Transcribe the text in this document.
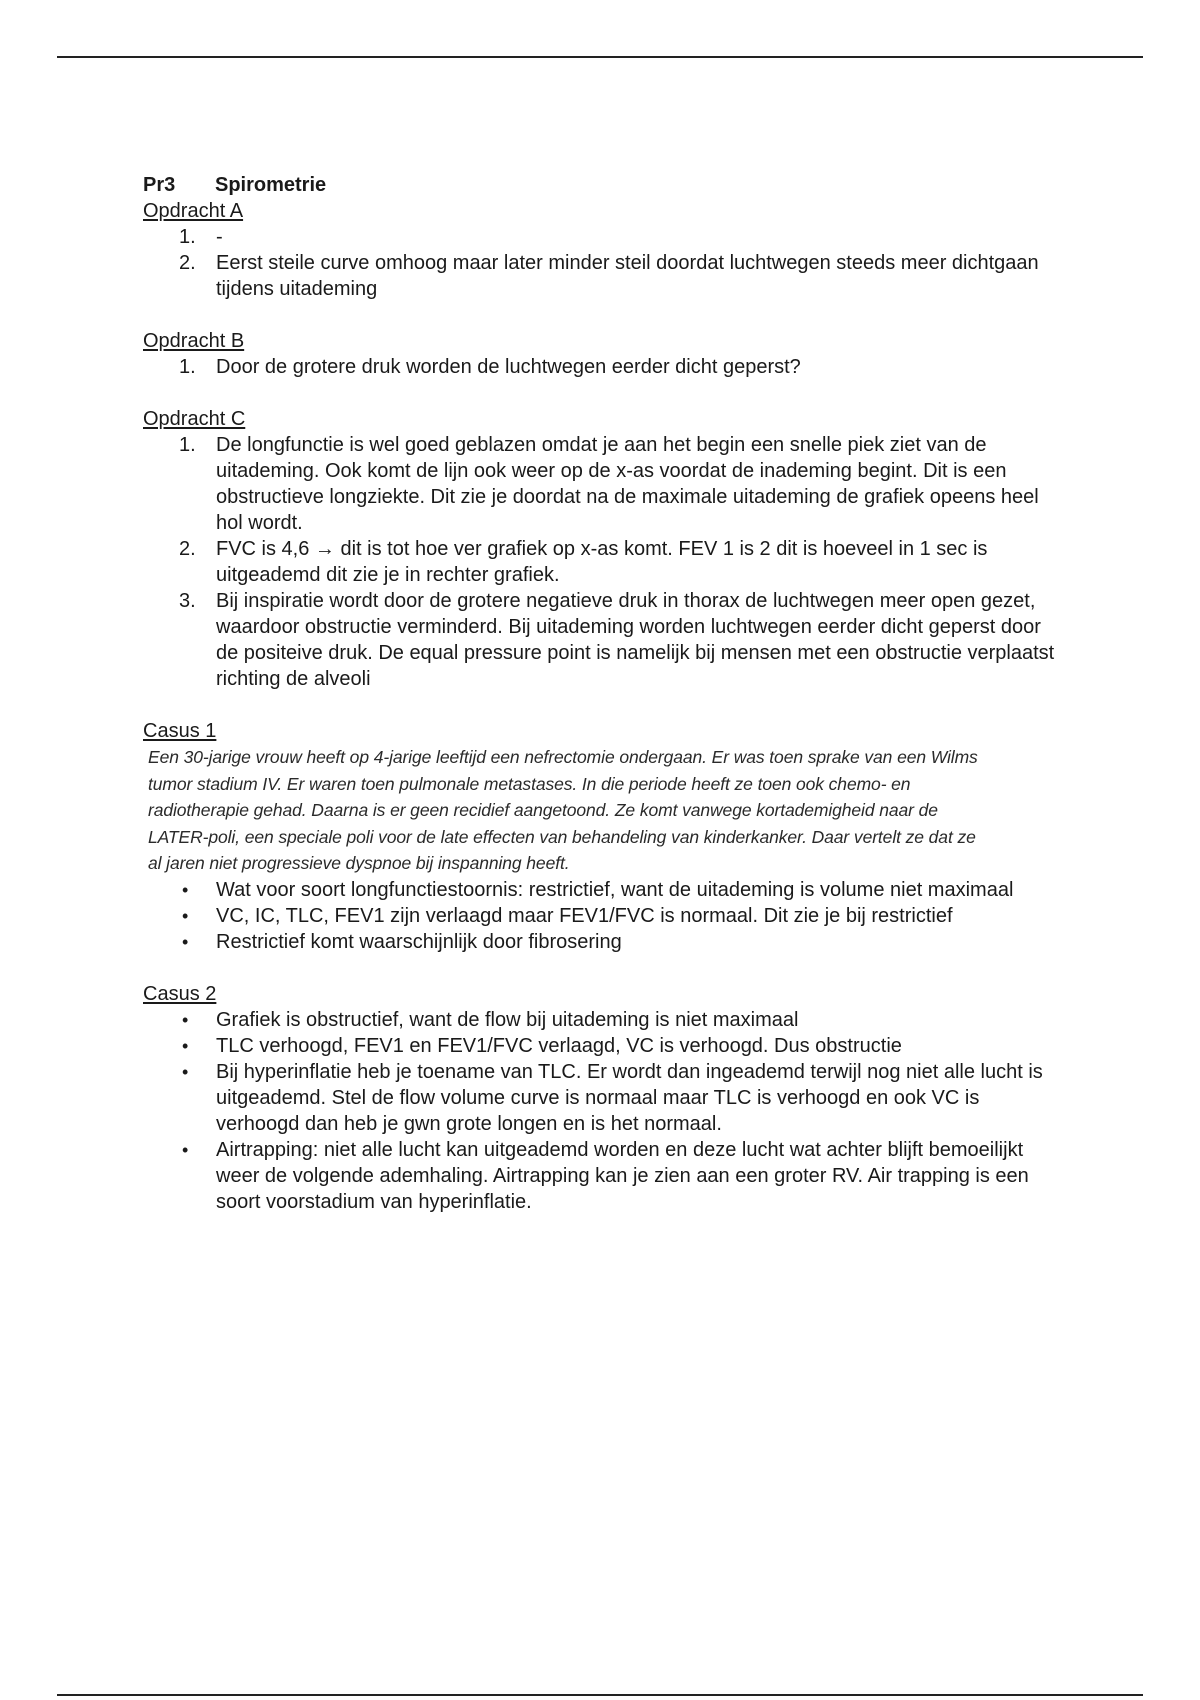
Pr3 Spirometrie
Opdracht A
1.	-
2.	Eerst steile curve omhoog maar later minder steil doordat luchtwegen steeds meer dichtgaan tijdens uitademing
Opdracht B
1.	Door de grotere druk worden de luchtwegen eerder dicht geperst?
Opdracht C
1.	De longfunctie is wel goed geblazen omdat je aan het begin een snelle piek ziet van de uitademing. Ook komt de lijn ook weer op de x-as voordat de inademing begint. Dit is een obstructieve longziekte. Dit zie je doordat na de maximale uitademing de grafiek opeens heel hol wordt.
2.	FVC is 4,6 → dit is tot hoe ver grafiek op x-as komt. FEV 1 is 2 dit is hoeveel in 1 sec is uitgeademd dit zie je in rechter grafiek.
3.	Bij inspiratie wordt door de grotere negatieve druk in thorax de luchtwegen meer open gezet, waardoor obstructie verminderd. Bij uitademing worden luchtwegen eerder dicht geperst door de positeive druk. De equal pressure point is namelijk bij mensen met een obstructie verplaatst richting de alveoli
Casus 1
Een 30-jarige vrouw heeft op 4-jarige leeftijd een nefrectomie ondergaan. Er was toen sprake van een Wilms tumor stadium IV. Er waren toen pulmonale metastases. In die periode heeft ze toen ook chemo- en radiotherapie gehad. Daarna is er geen recidief aangetoond. Ze komt vanwege kortademigheid naar de LATER-poli, een speciale poli voor de late effecten van behandeling van kinderkanker. Daar vertelt ze dat ze al jaren niet progressieve dyspnoe bij inspanning heeft.
•	Wat voor soort longfunctiestoornis: restrictief, want de uitademing is volume niet maximaal
•	VC, IC, TLC, FEV1 zijn verlaagd maar FEV1/FVC is normaal. Dit zie je bij restrictief
•	Restrictief komt waarschijnlijk door fibrosering
Casus 2
•	Grafiek is obstructief, want de flow bij uitademing is niet maximaal
•	TLC verhoogd, FEV1 en FEV1/FVC verlaagd, VC is verhoogd. Dus obstructie
•	Bij hyperinflatie heb je toename van TLC. Er wordt dan ingeademd terwijl nog niet alle lucht is uitgeademd. Stel de flow volume curve is normaal maar TLC is verhoogd en ook VC is verhoogd dan heb je gwn grote longen en is het normaal.
•	Airtrapping: niet alle lucht kan uitgeademd worden en deze lucht wat achter blijft bemoeilijkt weer de volgende ademhaling. Airtrapping kan je zien aan een groter RV. Air trapping is een soort voorstadium van hyperinflatie.
